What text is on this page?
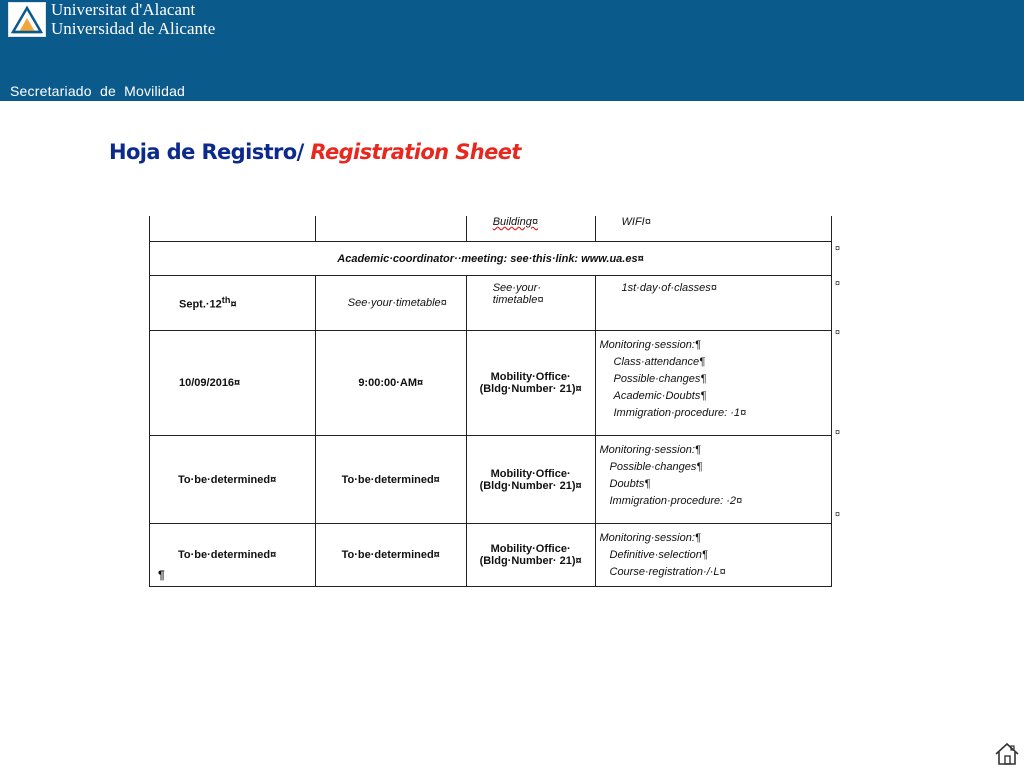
Universitat d'Alacant
Universidad de Alicante
Secretariado  de  Movilidad
Hoja de Registro/ Registration Sheet
		Building¤	WIFI¤
Academic·coordinator··meeting: see·this·link: www.ua.es¤			
Sept.·12th¤	See·your·timetable¤	See·your· timetable¤	1st·day·of·classes¤
10/09/2016¤	9:00:00·AM¤	Mobility·Office· (Bldg·Number· 21)¤	Monitoring·session:¶
Class·attendance¶
Possible·changes¶
Academic·Doubts¶
Immigration·procedure: ·1¤

To·be·determined¤	To·be·determined¤	Mobility·Office· (Bldg·Number· 21)¤	Monitoring·session:¶
Possible·changes¶
Doubts¶
Immigration·procedure: ·2¤

To·be·determined¤	To·be·determined¤	Mobility·Office· (Bldg·Number· 21)¤	Monitoring·session:¶
Definitive·selection¶
Course·registration·/·L¤
¤
¤
¤
¤
¤
¶
